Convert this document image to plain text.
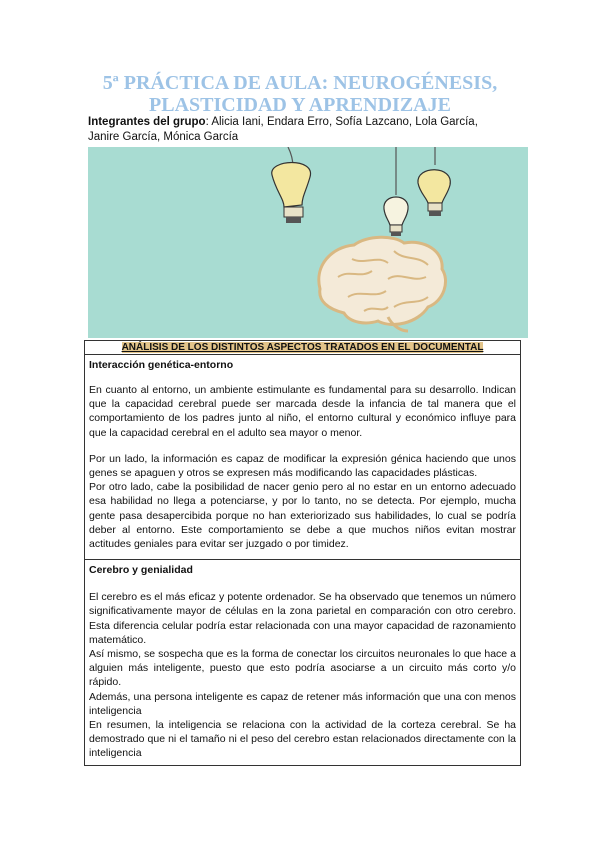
5ª PRÁCTICA DE AULA: NEUROGÉNESIS,
PLASTICIDAD Y APRENDIZAJE
Integrantes del grupo: Alicia Iani, Endara Erro, Sofía Lazcano, Lola García, Janire García, Mónica García
ANÁLISIS DE LOS DISTINTOS ASPECTOS TRATADOS EN EL DOCUMENTAL

Interacción genética-entorno

En cuanto al entorno, un ambiente estimulante es fundamental para su desarrollo. Indican que la capacidad cerebral puede ser marcada desde la infancia de tal manera que el comportamiento de los padres junto al niño, el entorno cultural y económico influye para que la capacidad cerebral en el adulto sea mayor o menor.

Por un lado, la información es capaz de modificar la expresión génica haciendo que unos genes se apaguen y otros se expresen más modificando las capacidades plásticas.

Por otro lado, cabe la posibilidad de nacer genio pero al no estar en un entorno adecuado esa habilidad no llega a potenciarse, y por lo tanto, no se detecta. Por ejemplo, mucha gente pasa desapercibida porque no han exteriorizado sus habilidades, lo cual se podría deber al entorno. Este comportamiento se debe a que muchos niños evitan mostrar actitudes geniales para evitar ser juzgado o por timidez.

Cerebro y genialidad

El cerebro es el más eficaz y potente ordenador. Se ha observado que tenemos un número significativamente mayor de células en la zona parietal en comparación con otro cerebro. Esta diferencia celular podría estar relacionada con una mayor capacidad de razonamiento matemático.

Así mismo, se sospecha que es la forma de conectar los circuitos neuronales lo que hace a alguien más inteligente, puesto que esto podría asociarse a un circuito más corto y/o rápido.

Además, una persona inteligente es capaz de retener más información que una con menos inteligencia

En resumen, la inteligencia se relaciona con la actividad de la corteza cerebral. Se ha demostrado que ni el tamaño ni el peso del cerebro estan relacionados directamente con la inteligencia
